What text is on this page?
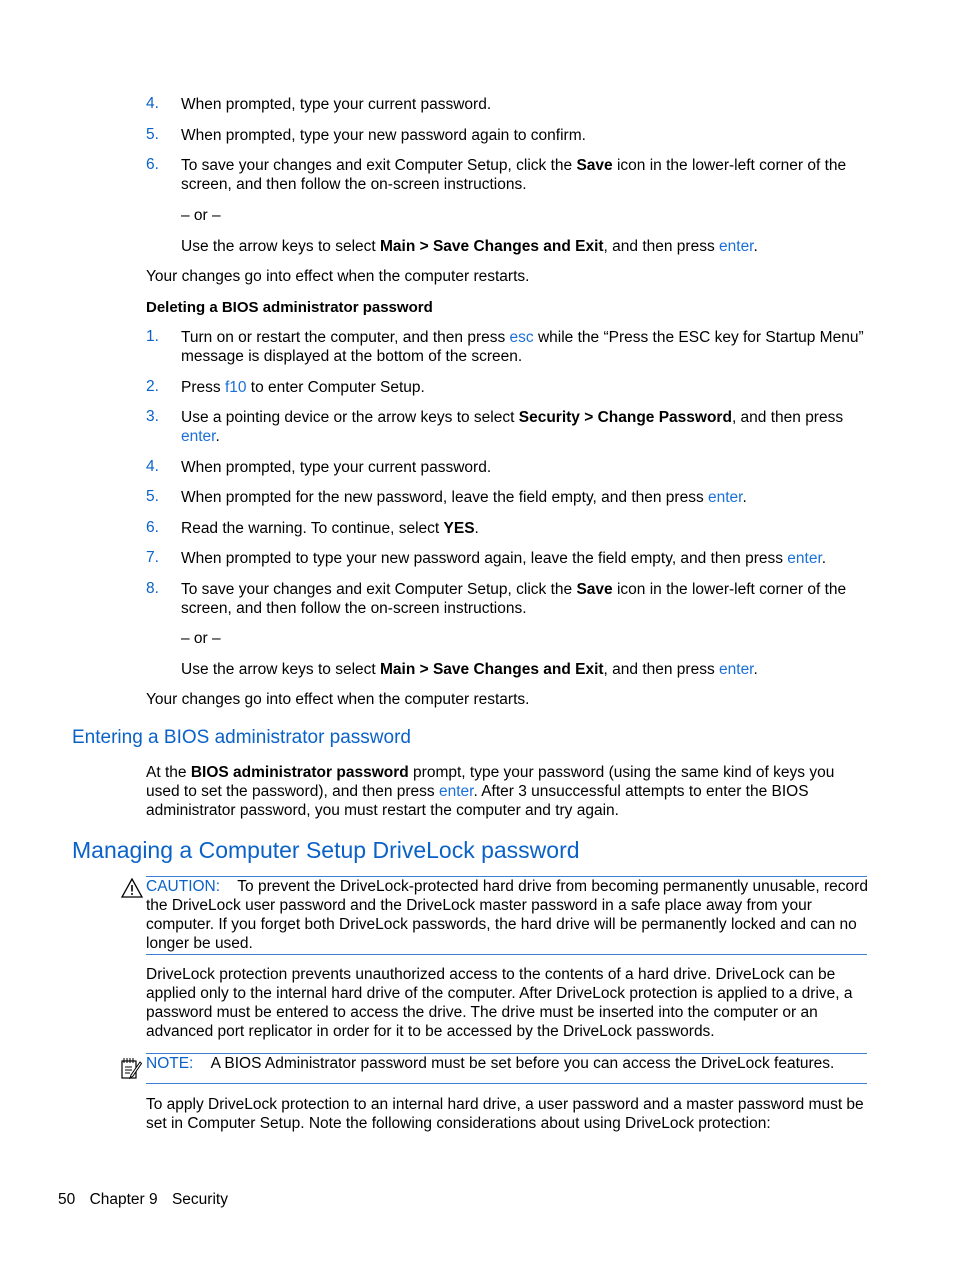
4.	When prompted, type your current password.
5.	When prompted, type your new password again to confirm.
6.	To save your changes and exit Computer Setup, click the Save icon in the lower-left corner of the screen, and then follow the on-screen instructions.
– or –
Use the arrow keys to select Main > Save Changes and Exit, and then press enter.
Your changes go into effect when the computer restarts.
Deleting a BIOS administrator password
1.	Turn on or restart the computer, and then press esc while the “Press the ESC key for Startup Menu” message is displayed at the bottom of the screen.
2.	Press f10 to enter Computer Setup.
3.	Use a pointing device or the arrow keys to select Security > Change Password, and then press enter.
4.	When prompted, type your current password.
5.	When prompted for the new password, leave the field empty, and then press enter.
6.	Read the warning. To continue, select YES.
7.	When prompted to type your new password again, leave the field empty, and then press enter.
8.	To save your changes and exit Computer Setup, click the Save icon in the lower-left corner of the screen, and then follow the on-screen instructions.
– or –
Use the arrow keys to select Main > Save Changes and Exit, and then press enter.
Your changes go into effect when the computer restarts.
Entering a BIOS administrator password
At the BIOS administrator password prompt, type your password (using the same kind of keys you used to set the password), and then press enter. After 3 unsuccessful attempts to enter the BIOS administrator password, you must restart the computer and try again.
Managing a Computer Setup DriveLock password
CAUTION: To prevent the DriveLock-protected hard drive from becoming permanently unusable, record the DriveLock user password and the DriveLock master password in a safe place away from your computer. If you forget both DriveLock passwords, the hard drive will be permanently locked and can no longer be used.
DriveLock protection prevents unauthorized access to the contents of a hard drive. DriveLock can be applied only to the internal hard drive of the computer. After DriveLock protection is applied to a drive, a password must be entered to access the drive. The drive must be inserted into the computer or an advanced port replicator in order for it to be accessed by the DriveLock passwords.
NOTE: A BIOS Administrator password must be set before you can access the DriveLock features.
To apply DriveLock protection to an internal hard drive, a user password and a master password must be set in Computer Setup. Note the following considerations about using DriveLock protection:
50 Chapter 9 Security
